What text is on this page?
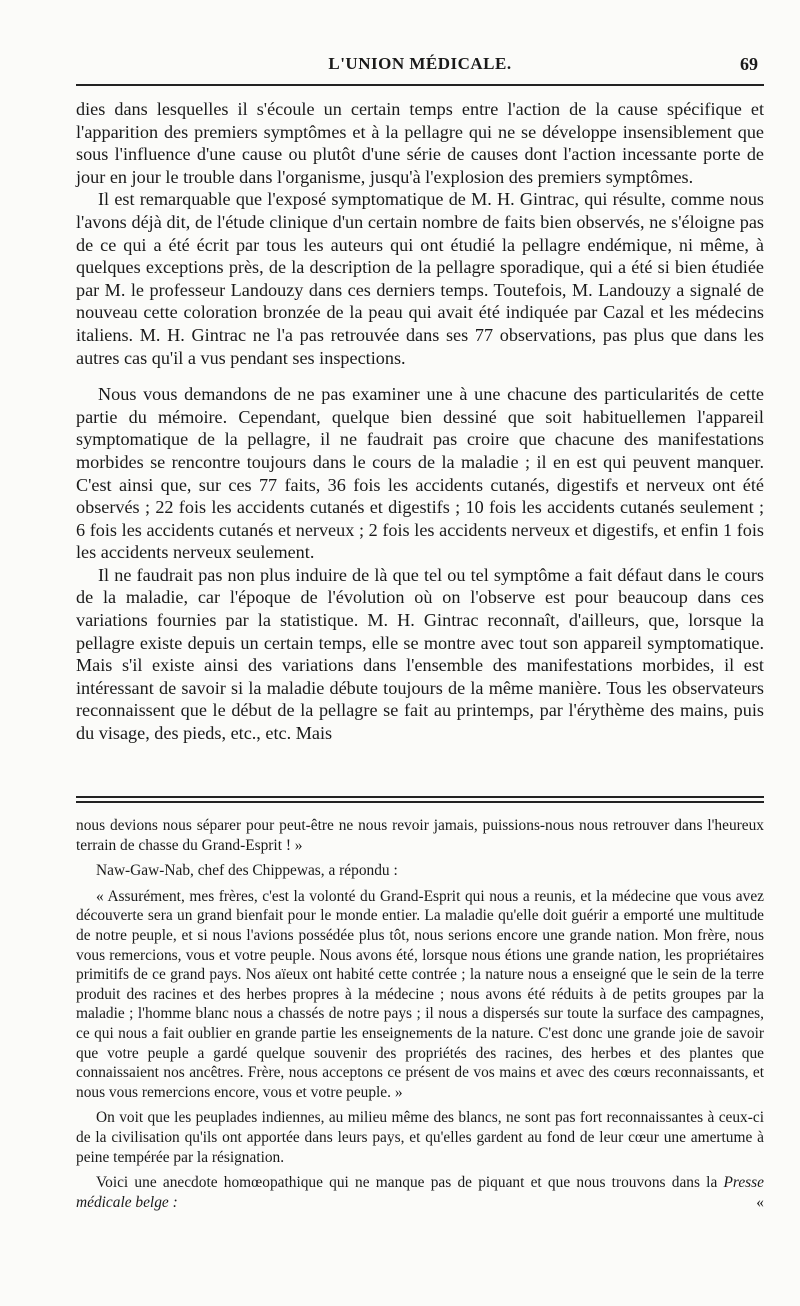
L'UNION MÉDICALE.	69

dies dans lesquelles il s'écoule un certain temps entre l'action de la cause spécifique et l'apparition des premiers symptômes et à la pellagre qui ne se développe insensiblement que sous l'influence d'une cause ou plutôt d'une série de causes dont l'action incessante porte de jour en jour le trouble dans l'organisme, jusqu'à l'explosion des premiers symptômes.

Il est remarquable que l'exposé symptomatique de M. H. Gintrac, qui résulte, comme nous l'avons déjà dit, de l'étude clinique d'un certain nombre de faits bien observés, ne s'éloigne pas de ce qui a été écrit par tous les auteurs qui ont étudié la pellagre endémique, ni même, à quelques exceptions près, de la description de la pellagre sporadique, qui a été si bien étudiée par M. le professeur Landouzy dans ces derniers temps. Toutefois, M. Landouzy a signalé de nouveau cette coloration bronzée de la peau qui avait été indiquée par Cazal et les médecins italiens. M. H. Gintrac ne l'a pas retrouvée dans ses 77 observations, pas plus que dans les autres cas qu'il a vus pendant ses inspections.

Nous vous demandons de ne pas examiner une à une chacune des particularités de cette partie du mémoire. Cependant, quelque bien dessiné que soit habituellemen l'appareil symptomatique de la pellagre, il ne faudrait pas croire que chacune des manifestations morbides se rencontre toujours dans le cours de la maladie ; il en est qui peuvent manquer. C'est ainsi que, sur ces 77 faits, 36 fois les accidents cutanés, digestifs et nerveux ont été observés ; 22 fois les accidents cutanés et digestifs ; 10 fois les accidents cutanés seulement ; 6 fois les accidents cutanés et nerveux ; 2 fois les accidents nerveux et digestifs, et enfin 1 fois les accidents nerveux seulement.

Il ne faudrait pas non plus induire de là que tel ou tel symptôme a fait défaut dans le cours de la maladie, car l'époque de l'évolution où on l'observe est pour beaucoup dans ces variations fournies par la statistique. M. H. Gintrac reconnaît, d'ailleurs, que, lorsque la pellagre existe depuis un certain temps, elle se montre avec tout son appareil symptomatique. Mais s'il existe ainsi des variations dans l'ensemble des manifestations morbides, il est intéressant de savoir si la maladie débute toujours de la même manière. Tous les observateurs reconnaissent que le début de la pellagre se fait au printemps, par l'érythème des mains, puis du visage, des pieds, etc., etc. Mais

nous devions nous séparer pour peut-être ne nous revoir jamais, puissions-nous nous retrouver dans l'heureux terrain de chasse du Grand-Esprit ! »

Naw-Gaw-Nab, chef des Chippewas, a répondu :

« Assurément, mes frères, c'est la volonté du Grand-Esprit qui nous a reunis, et la médecine que vous avez découverte sera un grand bienfait pour le monde entier. La maladie qu'elle doit guérir a emporté une multitude de notre peuple, et si nous l'avions possédée plus tôt, nous serions encore une grande nation. Mon frère, nous vous remercions, vous et votre peuple. Nous avons été, lorsque nous étions une grande nation, les propriétaires primitifs de ce grand pays. Nos aïeux ont habité cette contrée ; la nature nous a enseigné que le sein de la terre produit des racines et des herbes propres à la médecine ; nous avons été réduits à de petits groupes par la maladie ; l'homme blanc nous a chassés de notre pays ; il nous a dispersés sur toute la surface des campagnes, ce qui nous a fait oublier en grande partie les enseignements de la nature. C'est donc une grande joie de savoir que votre peuple a gardé quelque souvenir des propriétés des racines, des herbes et des plantes que connaissaient nos ancêtres. Frère, nous acceptons ce présent de vos mains et avec des cœurs reconnaissants, et nous vous remercions encore, vous et votre peuple. »

On voit que les peuplades indiennes, au milieu même des blancs, ne sont pas fort reconnaissantes à ceux-ci de la civilisation qu'ils ont apportée dans leurs pays, et qu'elles gardent au fond de leur cœur une amertume à peine tempérée par la résignation.

Voici une anecdote homœopathique qui ne manque pas de piquant et que nous trouvons dans la Presse médicale belge :	«
